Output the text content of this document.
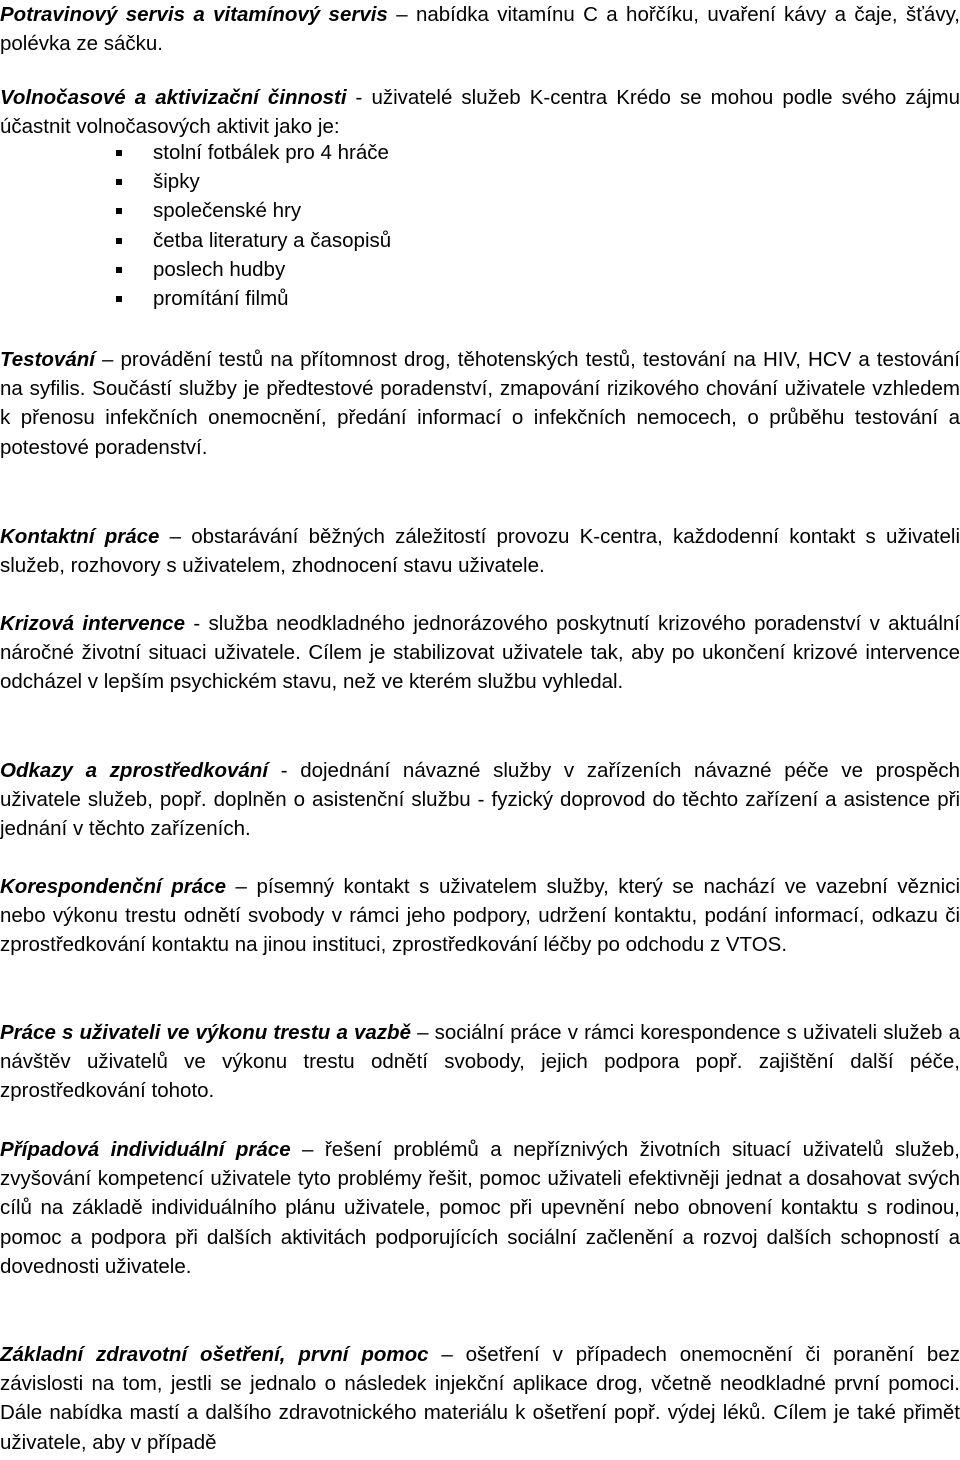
Potravinový servis a vitamínový servis – nabídka vitamínu C a hořčíku, uvaření kávy a čaje, šťávy, polévka ze sáčku.

Volnočasové a aktivizační činnosti - uživatelé služeb K-centra Krédo se mohou podle svého zájmu účastnit volnočasových aktivit jako je:

stolní fotbálek pro 4 hráče
šipky
společenské hry
četba literatury a časopisů
poslech hudby
promítání filmů

Testování – provádění testů na přítomnost drog, těhotenských testů, testování na HIV, HCV a testování na syfilis. Součástí služby je předtestové poradenství, zmapování rizikového chování uživatele vzhledem k přenosu infekčních onemocnění, předání informací o infekčních nemocech, o průběhu testování a potestové poradenství.

Kontaktní práce – obstarávání běžných záležitostí provozu K-centra, každodenní kontakt s uživateli služeb, rozhovory s uživatelem, zhodnocení stavu uživatele.

Krizová intervence - služba neodkladného jednorázového poskytnutí krizového poradenství v aktuální náročné životní situaci uživatele. Cílem je stabilizovat uživatele tak, aby po ukončení krizové intervence odcházel v lepším psychickém stavu, než ve kterém službu vyhledal.

Odkazy a zprostředkování - dojednání návazné služby v zařízeních návazné péče ve prospěch uživatele služeb, popř. doplněn o asistenční službu - fyzický doprovod do těchto zařízení a asistence při jednání v těchto zařízeních.

Korespondenční práce – písemný kontakt s uživatelem služby, který se nachází ve vazební věznici nebo výkonu trestu odnětí svobody v rámci jeho podpory, udržení kontaktu, podání informací, odkazu či zprostředkování kontaktu na jinou instituci, zprostředkování léčby po odchodu z VTOS.

Práce s uživateli ve výkonu trestu a vazbě – sociální práce v rámci korespondence s uživateli služeb a návštěv uživatelů ve výkonu trestu odnětí svobody, jejich podpora popř. zajištění další péče, zprostředkování tohoto.

Případová individuální práce – řešení problémů a nepříznivých životních situací uživatelů služeb, zvyšování kompetencí uživatele tyto problémy řešit, pomoc uživateli efektivněji jednat a dosahovat svých cílů na základě individuálního plánu uživatele, pomoc při upevnění nebo obnovení kontaktu s rodinou, pomoc a podpora při dalších aktivitách podporujících sociální začlenění a rozvoj dalších schopností a dovednosti uživatele.

Základní zdravotní ošetření, první pomoc – ošetření v případech onemocnění či poranění bez závislosti na tom, jestli se jednalo o následek injekční aplikace drog, včetně neodkladné první pomoci. Dále nabídka mastí a dalšího zdravotnického materiálu k ošetření popř. výdej léků. Cílem je také přimět uživatele, aby v případě
